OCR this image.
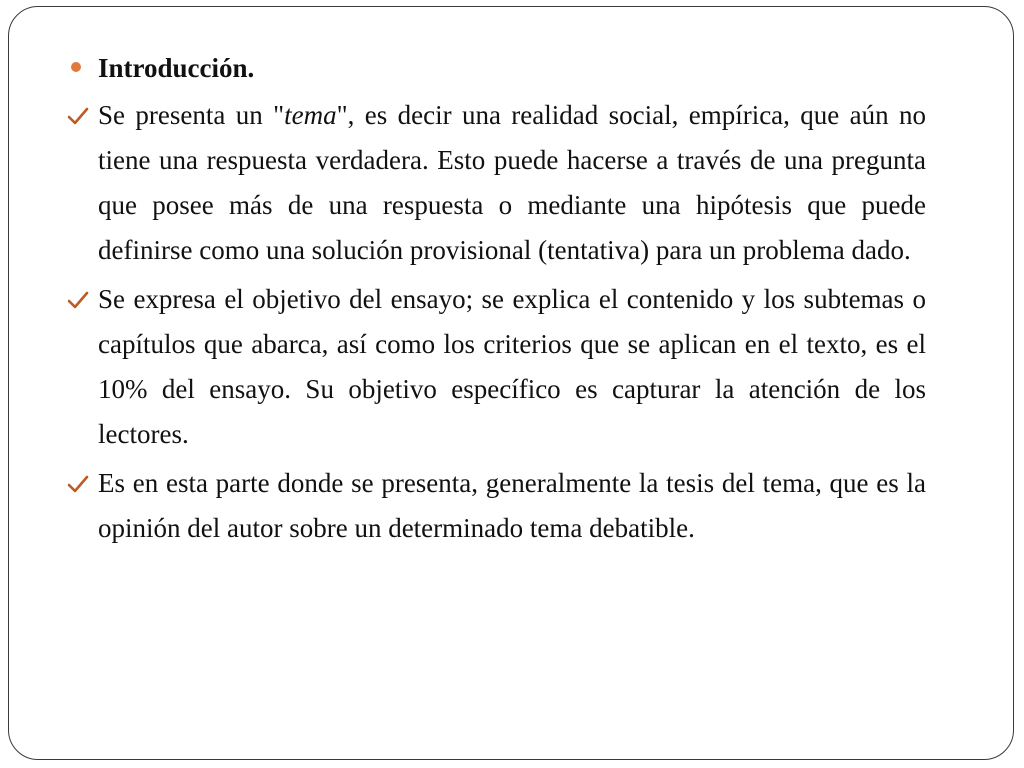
Introducción.
Se presenta un "tema", es decir una realidad social, empírica, que aún no tiene una respuesta verdadera. Esto puede hacerse a través de una pregunta que posee más de una respuesta o mediante una hipótesis que puede definirse como una solución provisional (tentativa) para un problema dado.
Se expresa el objetivo del ensayo; se explica el contenido y los subtemas o capítulos que abarca, así como los criterios que se aplican en el texto, es el 10% del ensayo. Su objetivo específico es capturar la atención de los lectores.
Es en esta parte donde se presenta, generalmente la tesis del tema, que es la opinión del autor sobre un determinado tema debatible.
